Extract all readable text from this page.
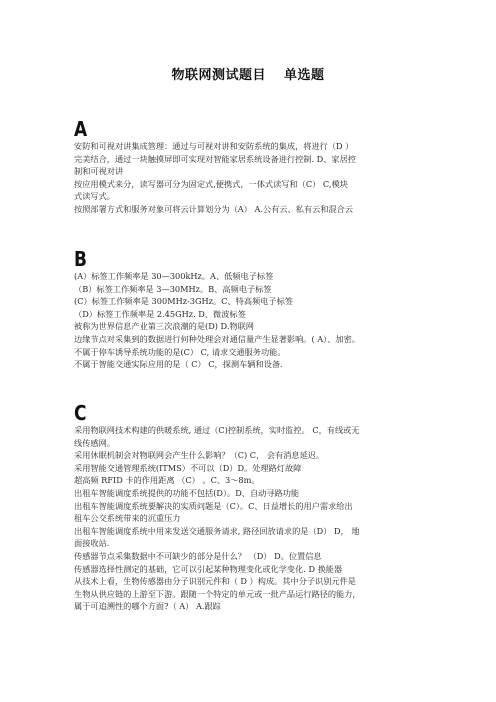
物联网测试题目 单选题
A

安防和可视对讲集成管理：通过与可视对讲和安防系统的集成，将进行（D ）

完美结合，通过一块触摸屏即可实现对智能家居系统设备进行控制. D、家居控

制和可视对讲

按应用模式来分，读写器可分为固定式,便携式，一体式读写和（C） C,模块

式读写式。

按照部署方式和服务对象可将云计算划分为（A） A.公有云、私有云和混合云

B

(A）标签工作频率是 30—300kHz。A、低频电子标签

（B）标签工作频率是 3—30MHz。B、高频电子标签

(C）标签工作频率是 300MHz-3GHz。C、特高频电子标签

（D）标签工作频率是 2.45GHz. D、微波标签

被称为世界信息产业第三次浪潮的是(D) D.物联网

边缘节点对采集到的数据进行何种处理会对通信量产生显著影响。( A）、加密。

不属于停车诱导系统功能的是(C） C, 请求交通服务功能。

不属于智能交通实际应用的是（ C） C，探测车辆和设备.

C

采用物联网技术构建的供暖系统, 通过（C)控制系统，实时监控。 C，有线或无

线传感网。

采用休眠机制会对物联网会产生什么影响？（C) C， 会有消息延迟。

采用智能交通管理系统(ITMS）不可以（D）D。处理路灯故障

超高频 RFID 卡的作用距离 （C） 。C、3～8m。

出租车智能调度系统提供的功能不包括(D）。D、自动寻路功能

出租车智能调度系统要解决的实质问题是（C）。C、日益增长的用户需求给出

租车公交系统带来的沉重压力

出租车智能调度系统中用来发送交通服务请求, 路径回放请求的是（D） D， 地

面接收站.

传感器节点采集数据中不可缺少的部分是什么？ （D） D。位置信息

传感器选择性测定的基础，它可以引起某种物理变化或化学变化. D 换能器

从技术上看，生物传感器由分子识别元件和（ D ）构成。其中分子识别元件是

生物从供应链的上游至下游。跟随一个特定的单元或一批产品运行路径的能力，

属于可追溯性的哪个方面?（ A） A.跟踪
